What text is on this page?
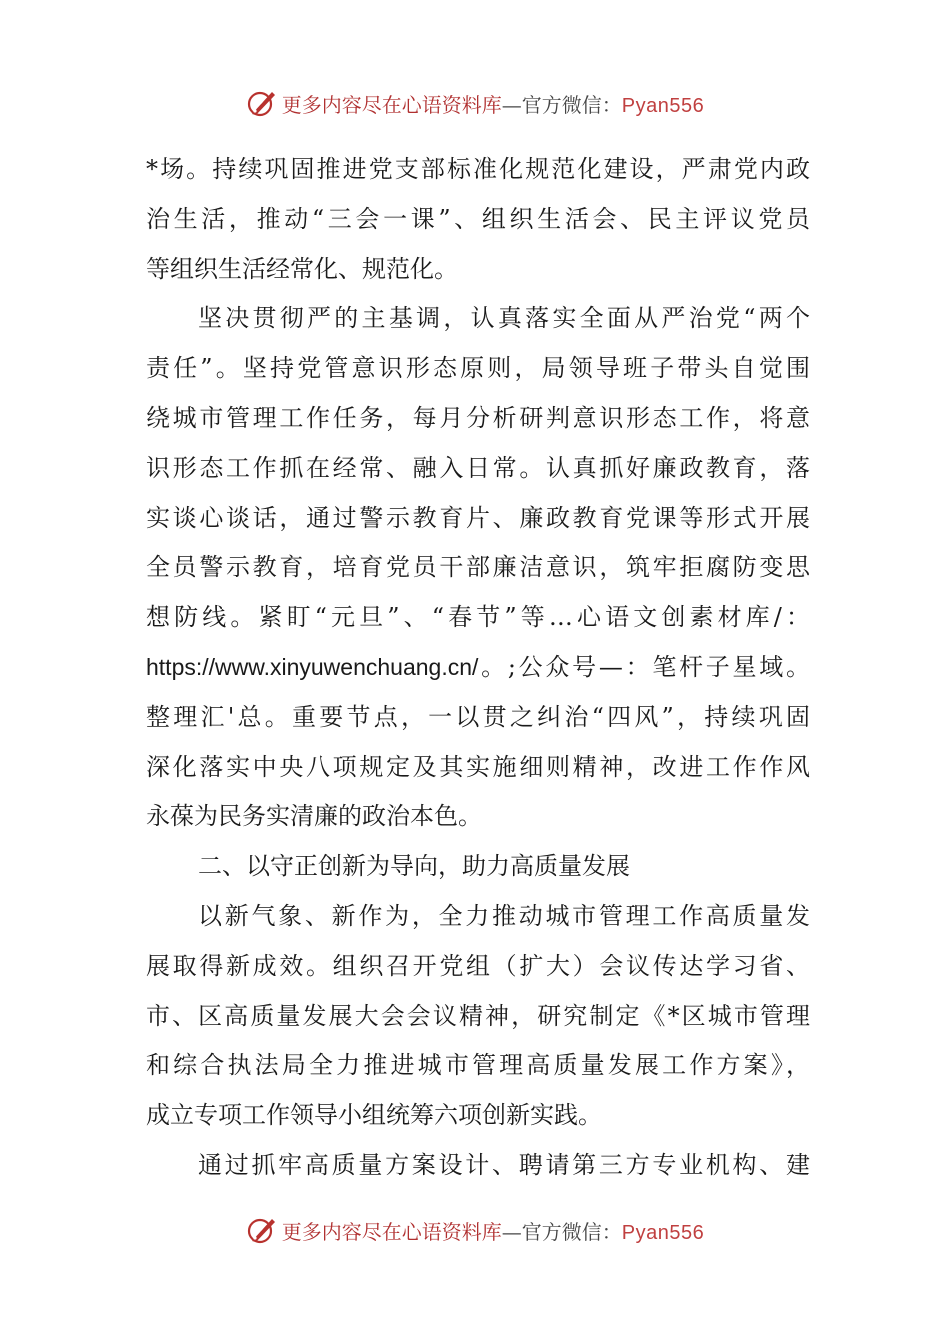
更多内容尽在心语资料库—官方微信：Pyan556
*场。持续巩固推进党支部标准化规范化建设，严肃党内政
治生活，推动“三会一课”、组织生活会、民主评议党员
等组织生活经常化、规范化。
坚决贯彻严的主基调，认真落实全面从严治党“两个
责任”。坚持党管意识形态原则，局领导班子带头自觉围
绕城市管理工作任务，每月分析研判意识形态工作，将意
识形态工作抓在经常、融入日常。认真抓好廉政教育，落
实谈心谈话，通过警示教育片、廉政教育党课等形式开展
全员警示教育，培育党员干部廉洁意识，筑牢拒腐防变思
想防线。紧盯“元旦”、“春节”等…心语文创素材库/：
https://www.xinyuwenchuang.cn/。;公众号—：笔杆子星域。
整理汇'总。重要节点，一以贯之纠治“四风”，持续巩固
深化落实中央八项规定及其实施细则精神，改进工作作风
永葆为民务实清廉的政治本色。
二、以守正创新为导向，助力高质量发展
以新气象、新作为，全力推动城市管理工作高质量发
展取得新成效。组织召开党组（扩大）会议传达学习省、
市、区高质量发展大会会议精神，研究制定《*区城市管理
和综合执法局全力推进城市管理高质量发展工作方案》，
成立专项工作领导小组统筹六项创新实践。
通过抓牢高质量方案设计、聘请第三方专业机构、建
更多内容尽在心语资料库—官方微信：Pyan556
